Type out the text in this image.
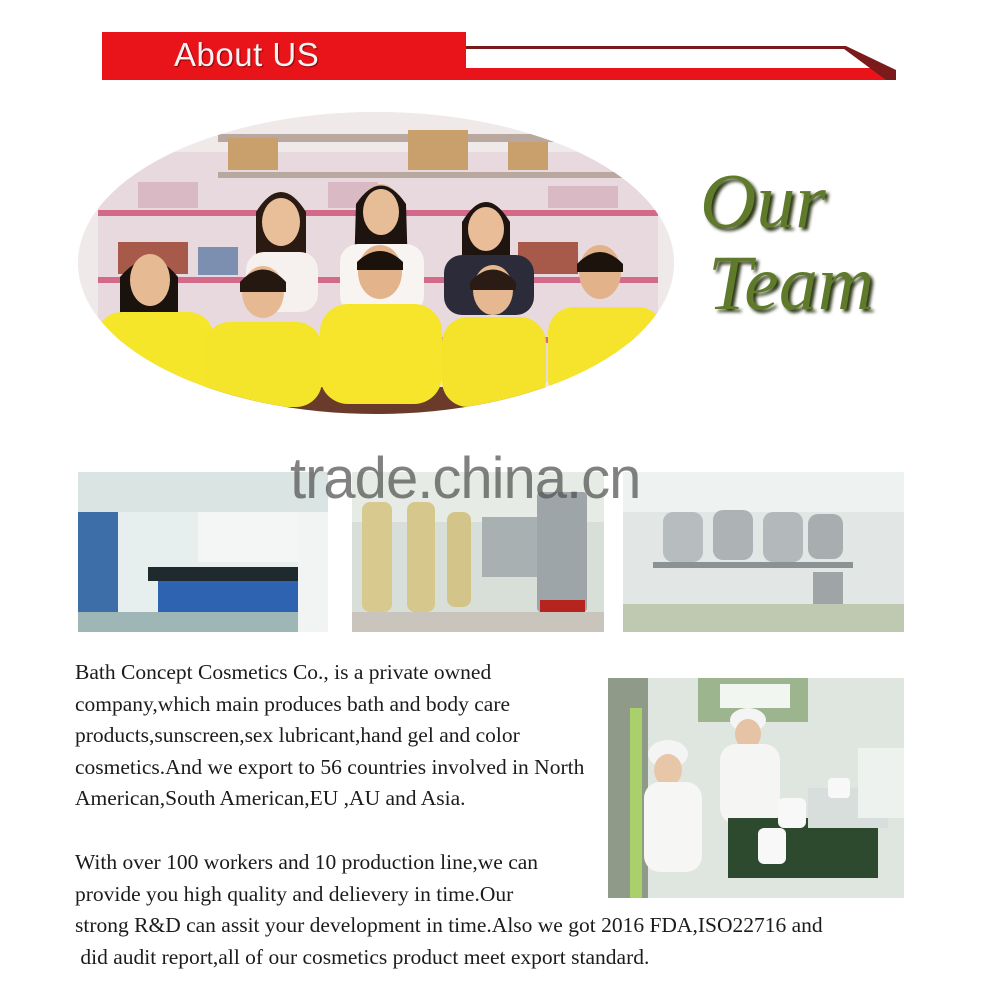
About US
Our
Team
trade.china.cn
Bath Concept Cosmetics Co., is a private owned company,which main produces bath and body care products,sunscreen,sex lubricant,hand gel and color cosmetics.And we export to 56 countries involved in North American,South American,EU ,AU and Asia.
With over 100 workers and 10 production line,we can
provide you high quality and delievery in time.Our
strong R&D can assit your development in time.Also we got 2016 FDA,ISO22716 and
did audit report,all of our cosmetics product meet export standard.
